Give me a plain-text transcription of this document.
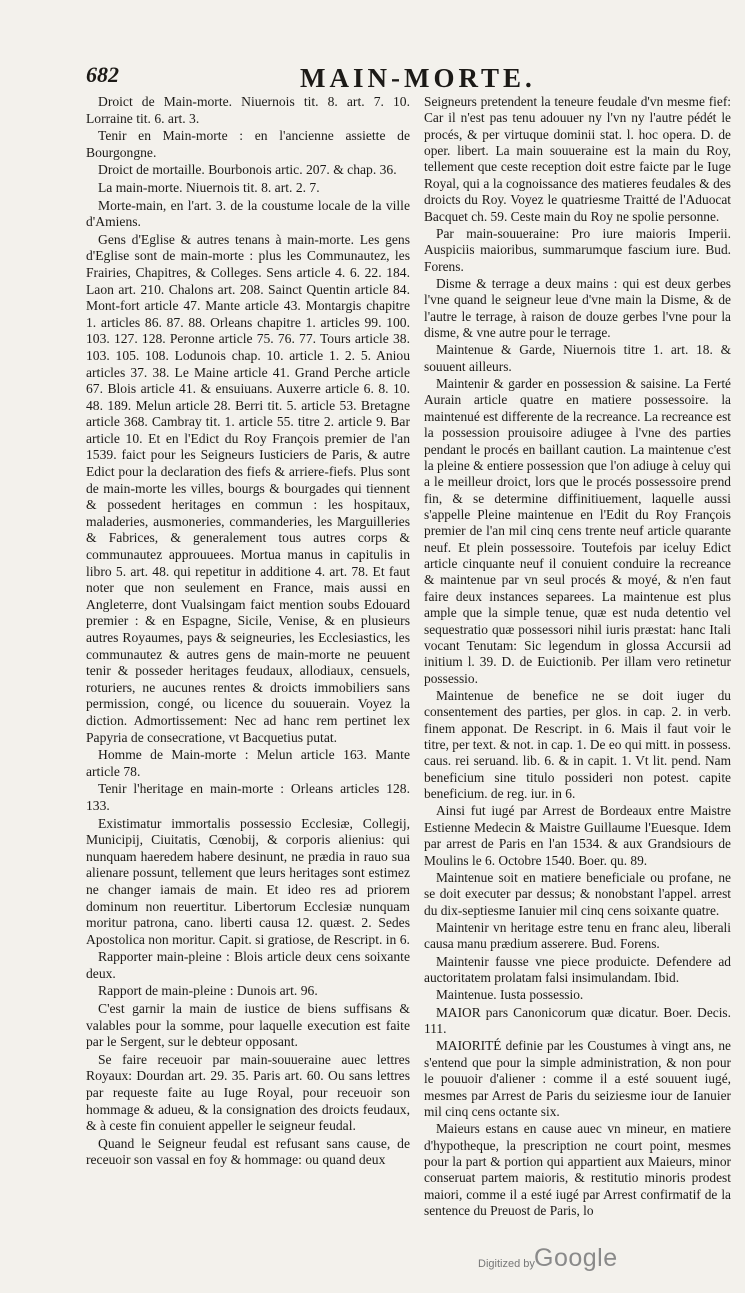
682	MAIN-MORTE.

Droict de Main-morte. Niuernois tit. 8. art. 7. 10. Lorraine tit. 6. art. 3.

Tenir en Main-morte : en l'ancienne assiette de Bourgongne.

Droict de mortaille. Bourbonois artic. 207. & chap. 36.

La main-morte. Niuernois tit. 8. art. 2. 7.

Morte-main, en l'art. 3. de la coustume locale de la ville d'Amiens.

Gens d'Eglise & autres tenans à main-morte. Les gens d'Eglise sont de main-morte : plus les Communautez, les Frairies, Chapitres, & Colleges. Sens article 4. 6. 22. 184. Laon art. 210. Chalons art. 208. Sainct Quentin article 84. Mont-fort article 47. Mante article 43. Montargis chapitre 1. articles 86. 87. 88. Orleans chapitre 1. articles 99. 100. 103. 127. 128. Peronne article 75. 76. 77. Tours article 38. 103. 105. 108. Lodunois chap. 10. article 1. 2. 5. Aniou articles 37. 38. Le Maine article 41. Grand Perche article 67. Blois article 41. & ensuiuans. Auxerre article 6. 8. 10. 48. 189. Melun article 28. Berri tit. 5. article 53. Bretagne article 368. Cambray tit. 1. article 55. titre 2. article 9. Bar article 10. Et en l'Edict du Roy François premier de l'an 1539. faict pour les Seigneurs Iusticiers de Paris, & autre Edict pour la declaration des fiefs & arriere-fiefs. Plus sont de main-morte les villes, bourgs & bourgades qui tiennent & possedent heritages en commun : les hospitaux, maladeries, ausmoneries, commanderies, les Marguilleries & Fabrices, & generalement tous autres corps & communautez approuuees. Mortua manus in capitulis in libro 5. art. 48. qui repetitur in additione 4. art. 78. Et faut noter que non seulement en France, mais aussi en Angleterre, dont Vualsingam faict mention soubs Edouard premier : & en Espagne, Sicile, Venise, & en plusieurs autres Royaumes, pays & seigneuries, les Ecclesiastics, les communautez & autres gens de main-morte ne peuuent tenir & posseder heritages feudaux, allodiaux, censuels, roturiers, ne aucunes rentes & droicts immobiliers sans permission, congé, ou licence du souuerain. Voyez la diction. Admortissement: Nec ad hanc rem pertinet lex Papyria de consecratione, vt Bacquetius putat.

Homme de Main-morte : Melun article 163. Mante article 78.

Tenir l'heritage en main-morte : Orleans articles 128. 133.

Existimatur immortalis possessio Ecclesiæ, Collegij, Municipij, Ciuitatis, Cœnobij, & corporis alienius: qui nunquam haeredem habere desinunt, ne prædia in rauo sua alienare possunt, tellement que leurs heritages sont estimez ne changer iamais de main. Et ideo res ad priorem dominum non reuertitur. Libertorum Ecclesiæ nunquam moritur patrona, cano. liberti causa 12. quæst. 2. Sedes Apostolica non moritur. Capit. si gratiose, de Rescript. in 6.

Rapporter main-pleine : Blois article deux cens soixante deux.

Rapport de main-pleine : Dunois art. 96.

C'est garnir la main de iustice de biens suffisans & valables pour la somme, pour laquelle execution est faite par le Sergent, sur le debteur opposant.

Se faire receuoir par main-souueraine auec lettres Royaux: Dourdan art. 29. 35. Paris art. 60. Ou sans lettres par requeste faite au Iuge Royal, pour receuoir son hommage & adueu, & la consignation des droicts feudaux, & à ceste fin conuient appeller le seigneur feudal.

Quand le Seigneur feudal est refusant sans cause, de receuoir son vassal en foy & hommage: ou quand deux

Seigneurs pretendent la teneure feudale d'vn mesme fief: Car il n'est pas tenu adouuer ny l'vn ny l'autre pédét le procés, & per virtuque dominii stat. l. hoc opera. D. de oper. libert. La main souueraine est la main du Roy, tellement que ceste reception doit estre faicte par le Iuge Royal, qui a la cognoissance des matieres feudales & des droicts du Roy. Voyez le quatriesme Traitté de l'Aduocat Bacquet ch. 59. Ceste main du Roy ne spolie personne.

Par main-souueraine: Pro iure maioris Imperii. Auspiciis maioribus, summarumque fascium iure. Bud. Forens.

Disme & terrage a deux mains : qui est deux gerbes l'vne quand le seigneur leue d'vne main la Disme, & de l'autre le terrage, à raison de douze gerbes l'vne pour la disme, & vne autre pour le terrage.

Maintenue & Garde, Niuernois titre 1. art. 18. & souuent ailleurs.

Maintenir & garder en possession & saisine. La Ferté Aurain article quatre en matiere possessoire. la maintenué est differente de la recreance. La recreance est la possession prouisoire adiugee à l'vne des parties pendant le procés en baillant caution. La maintenue c'est la pleine & entiere possession que l'on adiuge à celuy qui a le meilleur droict, lors que le procés possessoire prend fin, & se determine diffinitiuement, laquelle aussi s'appelle Pleine maintenue en l'Edit du Roy François premier de l'an mil cinq cens trente neuf article quarante neuf. Et plein possessoire. Toutefois par iceluy Edict article cinquante neuf il conuient conduire la recreance & maintenue par vn seul procés & moyé, & n'en faut faire deux instances separees. La maintenue est plus ample que la simple tenue, quæ est nuda detentio vel sequestratio quæ possessori nihil iuris præstat: hanc Itali vocant Tenutam: Sic legendum in glossa Accursii ad initium l. 39. D. de Euictionib. Per illam vero retinetur possessio.

Maintenue de benefice ne se doit iuger du consentement des parties, per glos. in cap. 2. in verb. finem apponat. De Rescript. in 6. Mais il faut voir le titre, per text. & not. in cap. 1. De eo qui mitt. in possess. caus. rei seruand. lib. 6. & in capit. 1. Vt lit. pend. Nam beneficium sine titulo possideri non potest. capite beneficium. de reg. iur. in 6.

Ainsi fut iugé par Arrest de Bordeaux entre Maistre Estienne Medecin & Maistre Guillaume l'Euesque. Idem par arrest de Paris en l'an 1534. & aux Grandsiours de Moulins le 6. Octobre 1540. Boer. qu. 89.

Maintenue soit en matiere beneficiale ou profane, ne se doit executer par dessus; & nonobstant l'appel. arrest du dix-septiesme Ianuier mil cinq cens soixante quatre.

Maintenir vn heritage estre tenu en franc aleu, liberali causa manu prædium asserere. Bud. Forens.

Maintenir fausse vne piece produicte. Defendere ad auctoritatem prolatam falsi insimulandam. Ibid.

Maintenue. Iusta possessio.

MAIOR pars Canonicorum quæ dicatur. Boer. Decis. 111.

MAIORITÉ definie par les Coustumes à vingt ans, ne s'entend que pour la simple administration, & non pour le pouuoir d'aliener : comme il a esté souuent iugé, mesmes par Arrest de Paris du seiziesme iour de Ianuier mil cinq cens octante six.

Maieurs estans en cause auec vn mineur, en matiere d'hypotheque, la prescription ne court point, mesmes pour la part & portion qui appartient aux Maieurs, minor conseruat partem maioris, & restitutio minoris prodest maiori, comme il a esté iugé par Arrest confirmatif de la sentence du Preuost de Paris, lo

Digitized by Google
